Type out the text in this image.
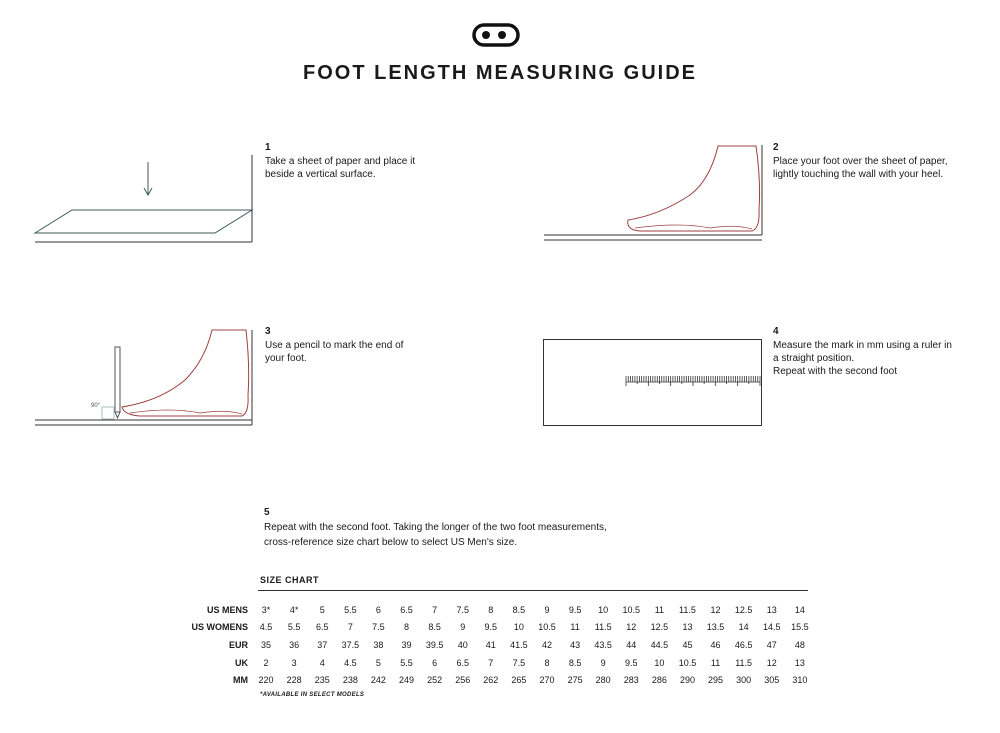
FOOT LENGTH MEASURING GUIDE
1
Take a sheet of paper and place it
beside a vertical surface.
2
Place your foot over the sheet of paper,
lightly touching the wall with your heel.
90°
3
Use a pencil to mark the end of
your foot.
4
Measure the mark in mm using a ruler in
a straight position.
Repeat with the second foot
5
Repeat with the second foot. Taking the longer of the two foot measurements,
cross-reference size chart below to select US Men's size.
SIZE CHART
US MENS	3*	4*	5	5.5	6	6.5	7	7.5	8	8.5	9	9.5	10	10.5	11	11.5	12	12.5	13	14
US WOMENS	4.5	5.5	6.5	7	7.5	8	8.5	9	9.5	10	10.5	11	11.5	12	12.5	13	13.5	14	14.5	15.5
EUR	35	36	37	37.5	38	39	39.5	40	41	41.5	42	43	43.5	44	44.5	45	46	46.5	47	48
UK	2	3	4	4.5	5	5.5	6	6.5	7	7.5	8	8.5	9	9.5	10	10.5	11	11.5	12	13
MM	220	228	235	238	242	249	252	256	262	265	270	275	280	283	286	290	295	300	305	310
*AVAILABLE IN SELECT MODELS
